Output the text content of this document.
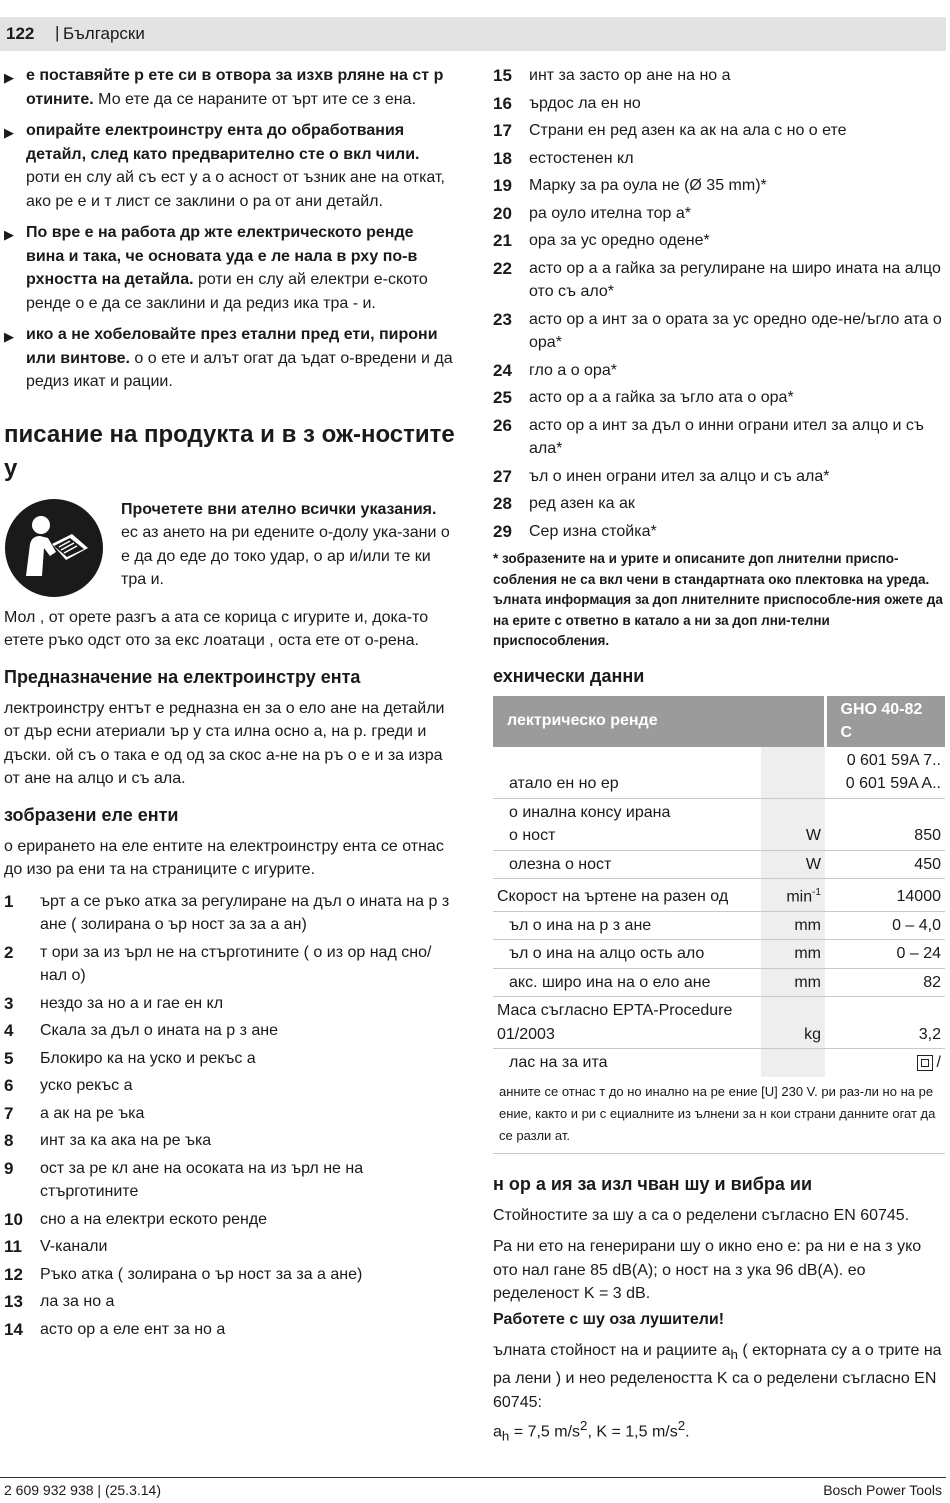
122 | Български
▶ е поставяйте р ете си в отвора за изхв рляне на ст р отините. Мо ете да се нараните от ърт ите се з ена.
▶ опирайте електроинстру ента до обработвания детайл, след като предварително сте о вкл чили. роти ен слу ай съ ест у а о асност от ъзник ане на откат, ако ре е и т лист се заклини о ра от ани детайл.
▶ По вре е на работа др жте електрическото ренде вина и така, че основата уда е ле нала в рху по-в рхността на детайла. роти ен слу ай електри е-ското ренде о е да се заклини и да редиз ика тра - и.
▶ ико а не хобеловайте през етални пред ети, пирони или винтове. о о ете и алът огат да ъдат о-вредени и да редиз икат и рации.
писание на продукта и в з ож-ностите у
Прочетете вни ателно всички указания. ес аз ането на ри едените о-долу ука-зани о е да до еде до токо удар, о ар и/или те ки тра и.

Мол , от орете разгъ а ата се корица с игурите и, дока-то етете ръко одст ото за екс лоатаци , оста ете от о-рена.

Предназначение на електроинстру ента

лектроинстру ентът е редназна ен за о ело ане на детайли от дър есни атериали ър у ста илна осно а, на р. греди и дъски. ой съ о така е од од за скос а-не на ръ о е и за изра от ане на алцо и съ ала.

зобразени еле енти

о ерирането на еле ентите на електроинстру ента се отнас до изо ра ени та на страниците с игурите.

1	ърт а се ръко атка за регулиране на дъл о ината на р з ане ( золирана о ър ност за за а ан)
2	т ори за из ърл не на стърготините ( о из ор над сно/нал о)
3	нездо за но а и гае ен кл
4	Скала за дъл о ината на р з ане
5	Блокиро ка на уско и рекъс а
6	уско рекъс а
7	а ак на ре ъка
8	инт за ка ака на ре ъка
9	ост за ре кл ане на осоката на из ърл не на стърготините
10	сно а на електри еското ренде
11	V-канали
12	Ръко атка ( золирана о ър ност за за а ане)
13	ла за но а
14	асто ор а еле ент за но а
15	инт за засто ор ане на но а
16	ърдос ла ен но
17	Страни ен ред азен ка ак на ала с но о ете
18	естостенен кл
19	Марку за ра оула не (Ø 35 mm)*
20	ра оуло ителна тор а*
21	ора за ус оредно одене*
22	асто ор а а гайка за регулиране на широ ината на алцо ото съ ало*
23	асто ор а инт за о ората за ус оредно оде-не/ъгло ата о ора*
24	гло а о ора*
25	асто ор а а гайка за ъгло ата о ора*
26	асто ор а инт за дъл о инни ограни ител за алцо и съ ала*
27	ъл о инен ограни ител за алцо и съ ала*
28	ред азен ка ак
29	Сер изна стойка*
* зобразените на и урите и описаните доп лнителни приспо-собления не са вкл чени в стандартната око плектовка на уреда. ълната информация за доп лнителните приспособле-ния ожете да на ерите с ответно в катало а ни за доп лни-телни приспособления.
ехнически данни
лектрическо ренде		GHO 40-82 C
атало ен но ер		0 601 59A 7..
0 601 59A A..
о инална консу ирана
о ност	W	850
олезна о ност	W	450
Скорост на ъртене на разен од	$\min^{-1}$	14000
ъл о ина на р з ане	mm	0 – 4,0
ъл о ина на алцо ость ало	mm	0 – 24
акс. широ ина на о ело ане	mm	82
Маса съгласно EPTA-Procedure
01/2003	kg	3,2
лас на за ита		/
анните се отнас т до но инално на ре ение [U] 230 V. ри раз-ли но на ре ение, както и ри с ециалните из ълнени за н кои страни данните огат да се разли ат.
н ор а ия за изл чван шу и вибра ии

Стойностите за шу а са о ределени съгласно EN 60745.

Ра ни ето на генерирани шу о икно ено е: ра ни е на з уко ото нал гане 85 dB(A); о ност на з ука 96 dB(A). ео ределеност K = 3 dB.

Работете с шу оза лушители!

ълната стойност на и рациите $a_h$ ( екторната су а о трите на ра лени ) и нео ределеността K са о ределени съгласно EN 60745:
$a_h = 7,5$ $m/s^2$, K = 1,5 $m/s^2$.

2 609 932 938 | (25.3.14)	Bosch Power Tools
